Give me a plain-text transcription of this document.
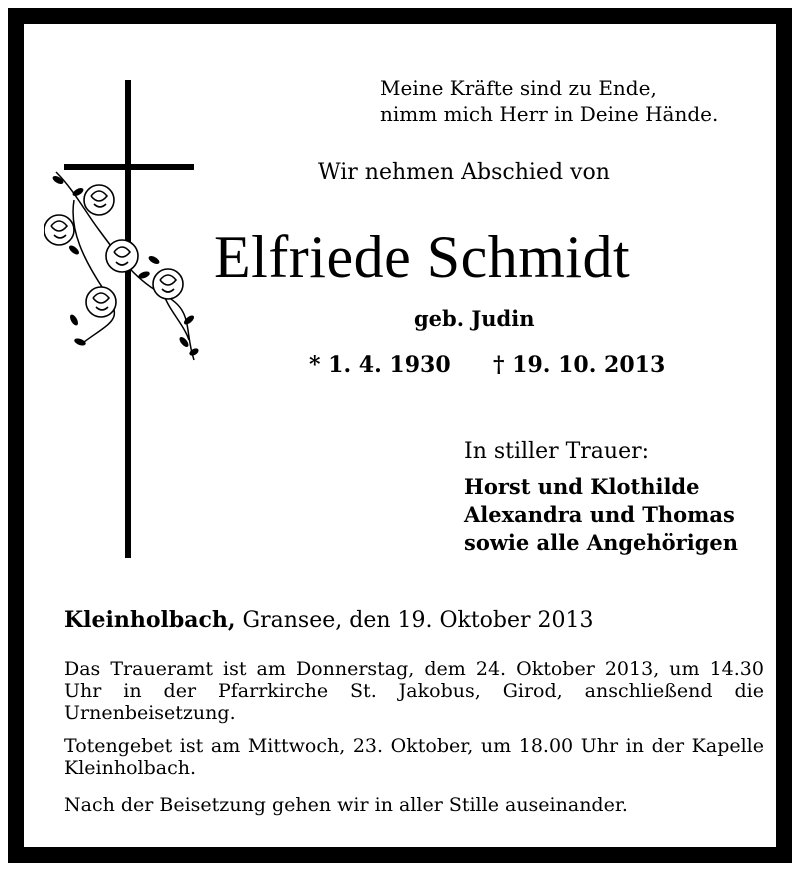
Meine Kräfte sind zu Ende,
nimm mich Herr in Deine Hände.

Wir nehmen Abschied von

Elfriede Schmidt

geb. Judin

* 1. 4. 1930 † 19. 10. 2013

In stiller Trauer:

Horst und Klothilde
Alexandra und Thomas
sowie alle Angehörigen

Kleinholbach, Gransee, den 19. Oktober 2013

Das Traueramt ist am Donnerstag, dem 24. Oktober 2013, um 14.30 Uhr in der Pfarrkirche St. Jakobus, Girod, anschließend die Urnenbeisetzung.

Totengebet ist am Mittwoch, 23. Oktober, um 18.00 Uhr in der Kapelle Kleinholbach.

Nach der Beisetzung gehen wir in aller Stille auseinander.
